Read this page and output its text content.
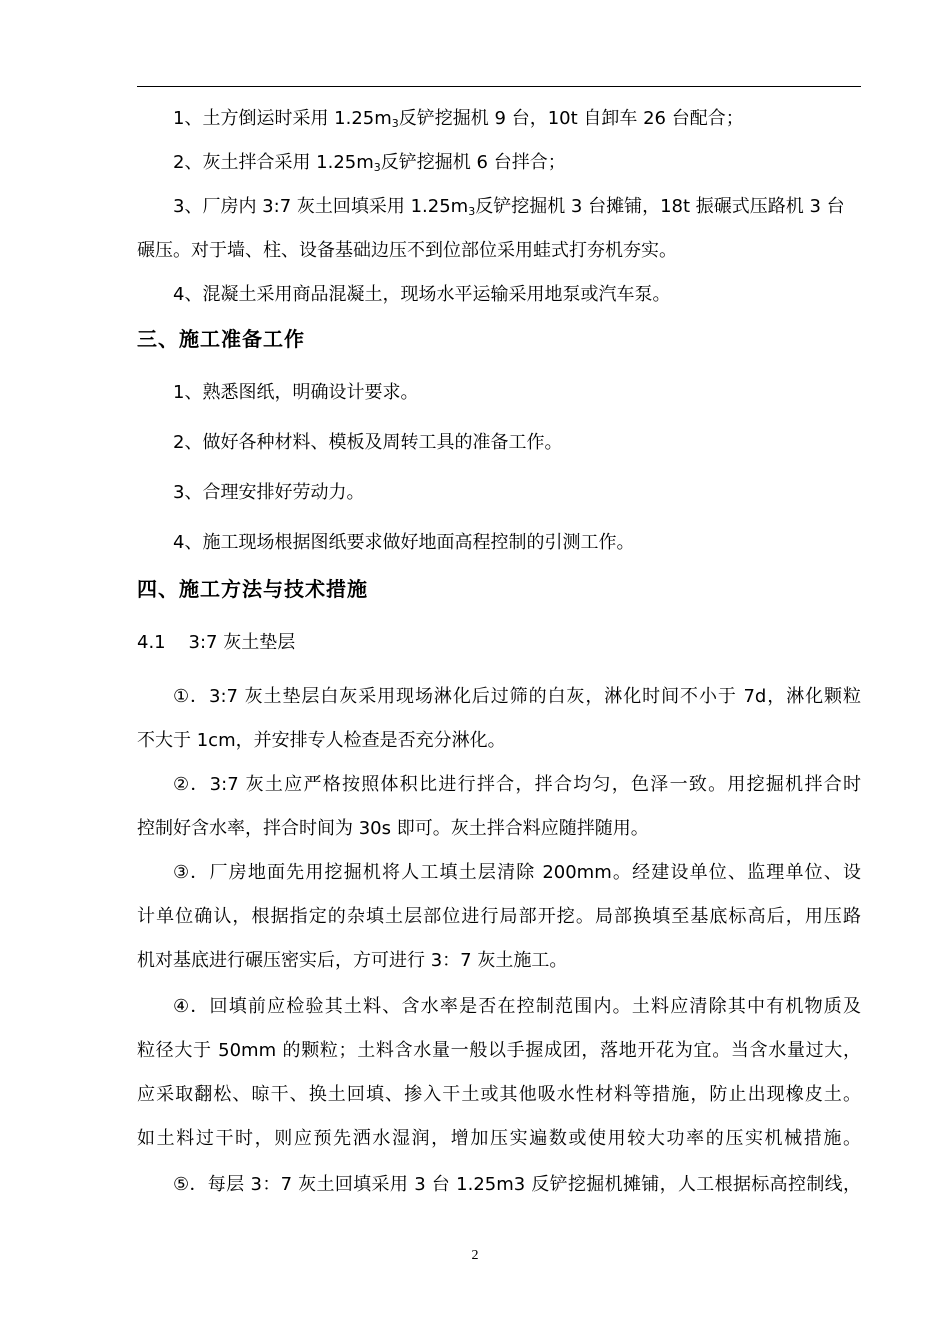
1、土方倒运时采用 $1.25m_3$反铲挖掘机 9 台，10t 自卸车 26 台配合；
2、灰土拌合采用 $1.25m_3$反铲挖掘机 6 台拌合；
3、厂房内 3:7 灰土回填采用 $1.25m_3$反铲挖掘机 3 台摊铺，18t 振碾式压路机 3 台
碾压。对于墙、柱、设备基础边压不到位部位采用蛙式打夯机夯实。
4、混凝土采用商品混凝土，现场水平运输采用地泵或汽车泵。
三、施工准备工作
1、熟悉图纸，明确设计要求。
2、做好各种材料、模板及周转工具的准备工作。
3、合理安排好劳动力。
4、施工现场根据图纸要求做好地面高程控制的引测工作。
四、施工方法与技术措施
4.1    3:7 灰土垫层
①．3:7 灰土垫层白灰采用现场淋化后过筛的白灰，淋化时间不小于 7d，淋化颗粒
不大于 1cm，并安排专人检查是否充分淋化。
②．3:7 灰土应严格按照体积比进行拌合，拌合均匀，色泽一致。用挖掘机拌合时
控制好含水率，拌合时间为 30s 即可。灰土拌合料应随拌随用。
③．厂房地面先用挖掘机将人工填土层清除 200mm。经建设单位、监理单位、设
计单位确认，根据指定的杂填土层部位进行局部开挖。局部换填至基底标高后，用压路
机对基底进行碾压密实后，方可进行 3：7 灰土施工。
④．回填前应检验其土料、含水率是否在控制范围内。土料应清除其中有机物质及
粒径大于 50mm 的颗粒；土料含水量一般以手握成团，落地开花为宜。当含水量过大，
应采取翻松、晾干、换土回填、掺入干土或其他吸水性材料等措施，防止出现橡皮土。
如土料过干时，则应预先洒水湿润，增加压实遍数或使用较大功率的压实机械措施。
⑤．每层 3：7 灰土回填采用 3 台 1.25m3 反铲挖掘机摊铺，人工根据标高控制线，
2
